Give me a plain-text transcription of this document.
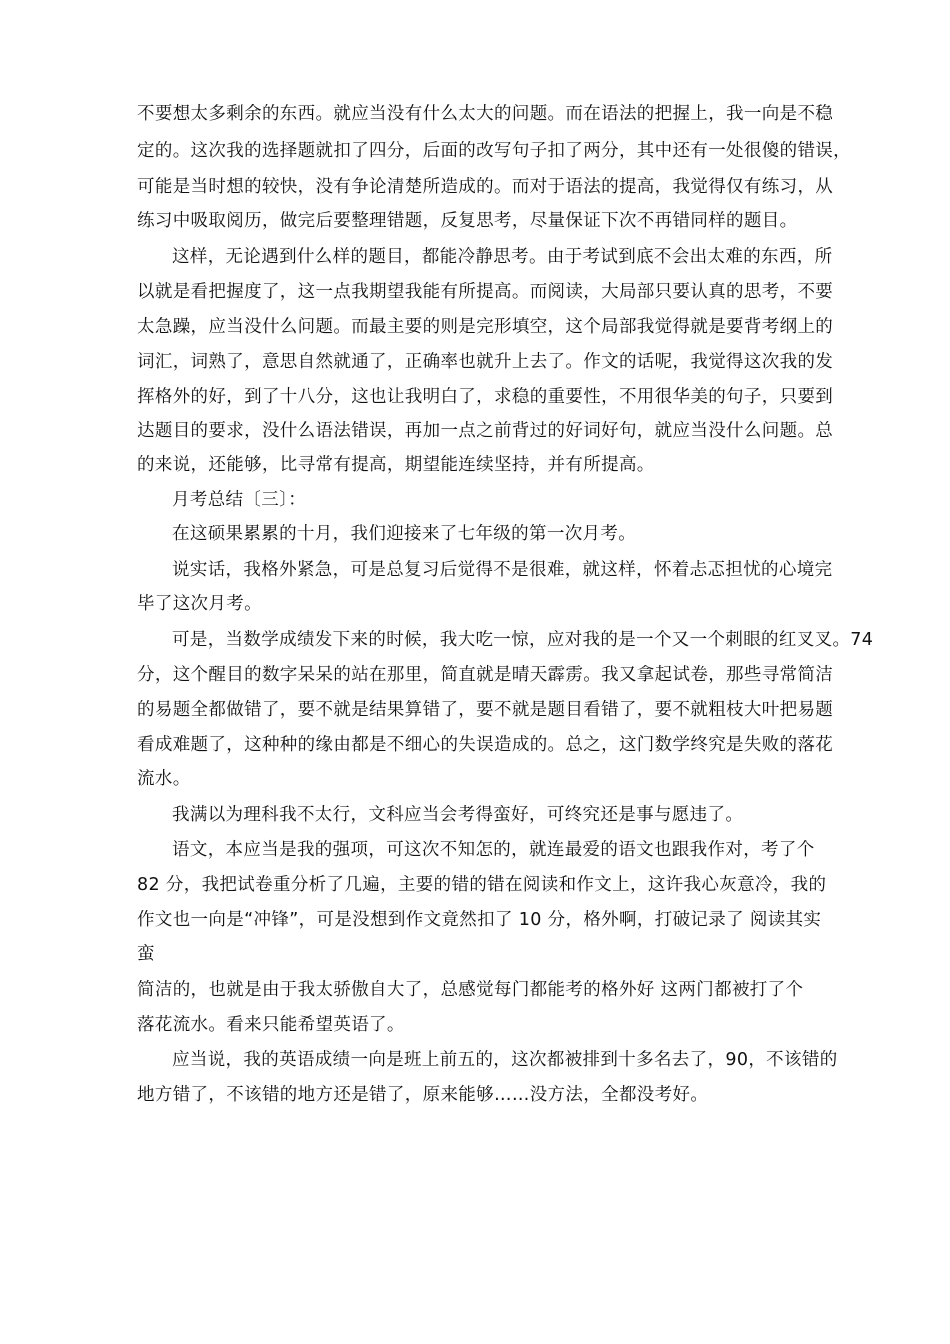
不要想太多剩余的东西。就应当没有什么太大的问题。而在语法的把握上，我一向是不稳
定的。这次我的选择题就扣了四分，后面的改写句子扣了两分，其中还有一处很傻的错误，
可能是当时想的较快，没有争论清楚所造成的。而对于语法的提高，我觉得仅有练习，从
练习中吸取阅历，做完后要整理错题，反复思考，尽量保证下次不再错同样的题目。
这样，无论遇到什么样的题目，都能冷静思考。由于考试到底不会出太难的东西，所
以就是看把握度了，这一点我期望我能有所提高。而阅读，大局部只要认真的思考，不要
太急躁，应当没什么问题。而最主要的则是完形填空，这个局部我觉得就是要背考纲上的
词汇，词熟了，意思自然就通了，正确率也就升上去了。作文的话呢，我觉得这次我的发
挥格外的好，到了十八分，这也让我明白了，求稳的重要性，不用很华美的句子，只要到
达题目的要求，没什么语法错误，再加一点之前背过的好词好句，就应当没什么问题。总
的来说，还能够，比寻常有提高，期望能连续坚持，并有所提高。
月考总结〔三〕：
在这硕果累累的十月，我们迎接来了七年级的第一次月考。
说实话，我格外紧急，可是总复习后觉得不是很难，就这样，怀着忐忑担忧的心境完
毕了这次月考。
可是，当数学成绩发下来的时候，我大吃一惊，应对我的是一个又一个刺眼的红叉叉。74
分，这个醒目的数字呆呆的站在那里，简直就是晴天霹雳。我又拿起试卷，那些寻常简洁
的易题全都做错了，要不就是结果算错了，要不就是题目看错了，要不就粗枝大叶把易题
看成难题了，这种种的缘由都是不细心的失误造成的。总之，这门数学终究是失败的落花
流水。
我满以为理科我不太行，文科应当会考得蛮好，可终究还是事与愿违了。
语文，本应当是我的强项，可这次不知怎的，就连最爱的语文也跟我作对，考了个
82 分，我把试卷重分析了几遍，主要的错的错在阅读和作文上，这许我心灰意冷，我的
作文也一向是“冲锋”，可是没想到作文竟然扣了 10 分，格外啊，打破记录了 阅读其实
蛮
简洁的，也就是由于我太骄傲自大了，总感觉每门都能考的格外好 这两门都被打了个
落花流水。看来只能希望英语了。
应当说，我的英语成绩一向是班上前五的，这次都被排到十多名去了，90，不该错的
地方错了，不该错的地方还是错了，原来能够……没方法，全都没考好。
